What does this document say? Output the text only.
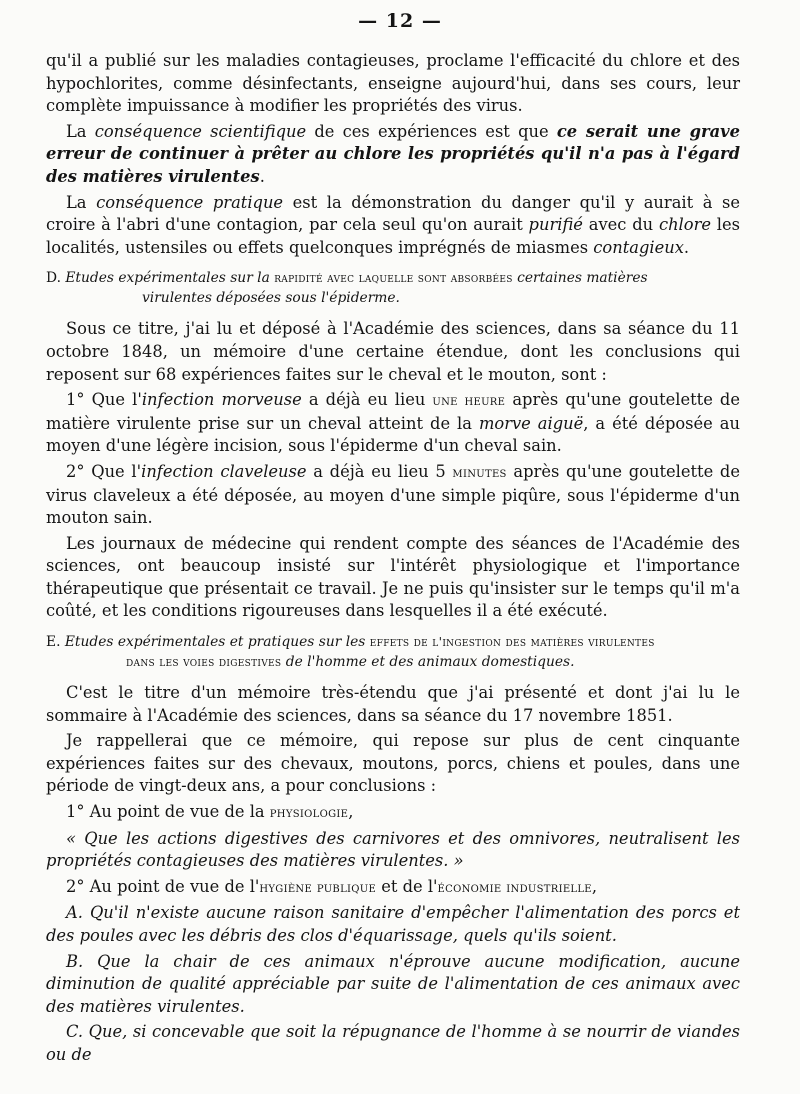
— 12 —

qu'il a publié sur les maladies contagieuses, proclame l'efficacité du chlore et des hypochlorites, comme désinfectants, enseigne aujourd'hui, dans ses cours, leur complète impuissance à modifier les propriétés des virus.

La conséquence scientifique de ces expériences est que ce serait une grave erreur de continuer à prêter au chlore les propriétés qu'il n'a pas à l'égard des matières virulentes.

La conséquence pratique est la démonstration du danger qu'il y aurait à se croire à l'abri d'une contagion, par cela seul qu'on aurait purifié avec du chlore les localités, ustensiles ou effets quelconques imprégnés de miasmes contagieux.

D. Etudes expérimentales sur la rapidité avec laquelle sont absorbées certaines matières
virulentes déposées sous l'épiderme.

Sous ce titre, j'ai lu et déposé à l'Académie des sciences, dans sa séance du 11 octobre 1848, un mémoire d'une certaine étendue, dont les conclusions qui reposent sur 68 expériences faites sur le cheval et le mouton, sont :

1° Que l'infection morveuse a déjà eu lieu une heure après qu'une goutelette de matière virulente prise sur un cheval atteint de la morve aiguë, a été déposée au moyen d'une légère incision, sous l'épiderme d'un cheval sain.

2° Que l'infection claveleuse a déjà eu lieu 5 minutes après qu'une goutelette de virus claveleux a été déposée, au moyen d'une simple piqûre, sous l'épiderme d'un mouton sain.

Les journaux de médecine qui rendent compte des séances de l'Académie des sciences, ont beaucoup insisté sur l'intérêt physiologique et l'importance thérapeutique que présentait ce travail. Je ne puis qu'insister sur le temps qu'il m'a coûté, et les conditions rigoureuses dans lesquelles il a été exécuté.

E. Etudes expérimentales et pratiques sur les effets de l'ingestion des matières virulentes
dans les voies digestives de l'homme et des animaux domestiques.

C'est le titre d'un mémoire très-étendu que j'ai présenté et dont j'ai lu le sommaire à l'Académie des sciences, dans sa séance du 17 novembre 1851.

Je rappellerai que ce mémoire, qui repose sur plus de cent cinquante expériences faites sur des chevaux, moutons, porcs, chiens et poules, dans une période de vingt-deux ans, a pour conclusions :

1° Au point de vue de la physiologie,

« Que les actions digestives des carnivores et des omnivores, neutralisent les propriétés contagieuses des matières virulentes. »

2° Au point de vue de l'hygiène publique et de l'économie industrielle,

A. Qu'il n'existe aucune raison sanitaire d'empêcher l'alimentation des porcs et des poules avec les débris des clos d'équarissage, quels qu'ils soient.

B. Que la chair de ces animaux n'éprouve aucune modification, aucune diminution de qualité appréciable par suite de l'alimentation de ces animaux avec des matières virulentes.

C. Que, si concevable que soit la répugnance de l'homme à se nourrir de viandes ou de
